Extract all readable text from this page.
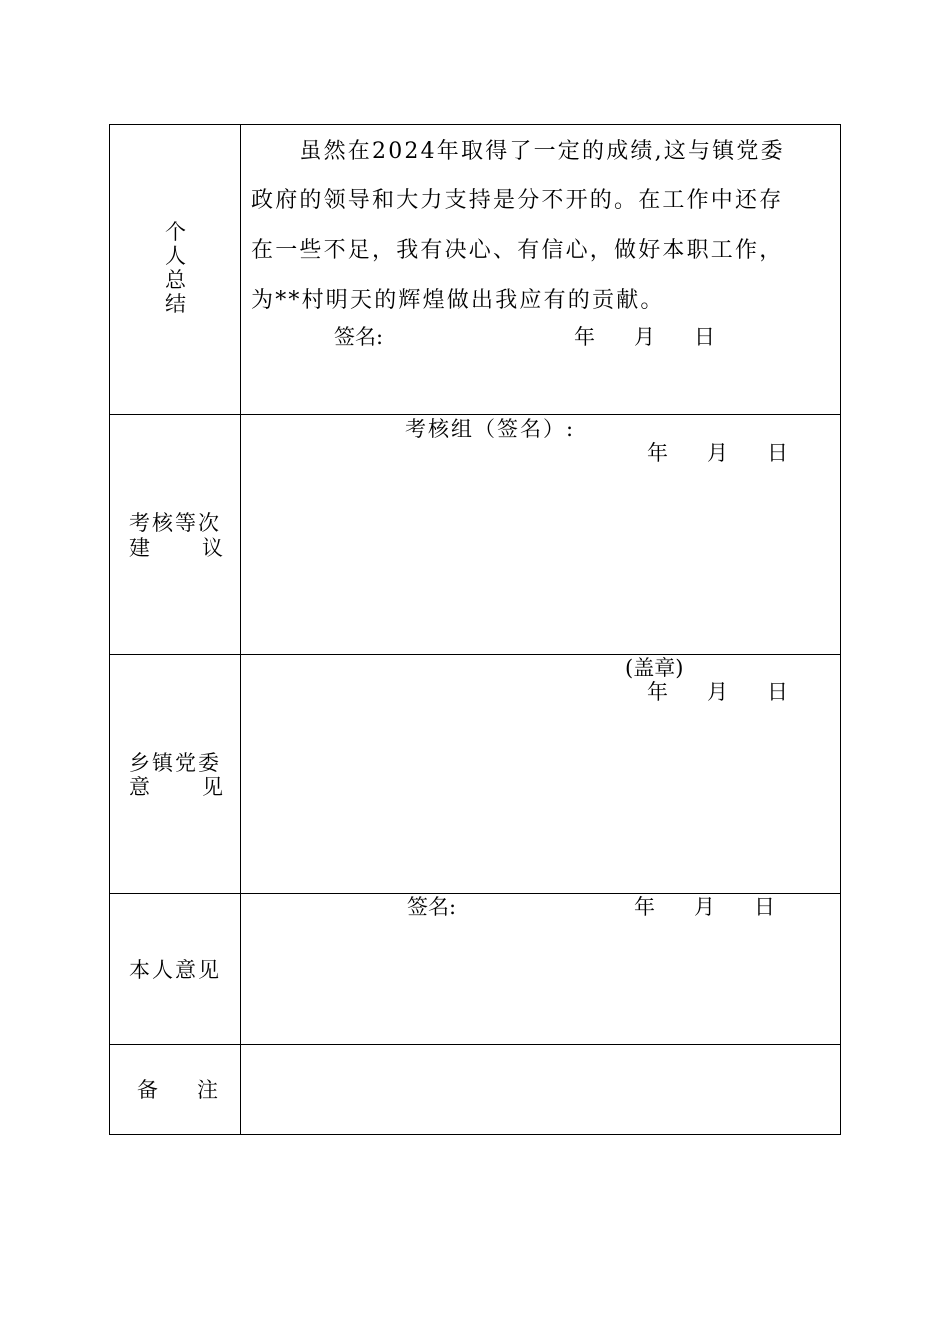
个
人
总
结
　　虽然在2024年取得了一定的成绩,这与镇党委
政府的领导和大力支持是分不开的。在工作中还存
在一些不足，我有决心、有信心，做好本职工作，
为**村明天的辉煌做出我应有的贡献。
签名:	年 月 日
考核等次
建 议
考核组（签名）:
年 月 日
乡镇党委
意 见
(盖章)
年 月 日
本人意见
签名:	年 月 日
备 注
